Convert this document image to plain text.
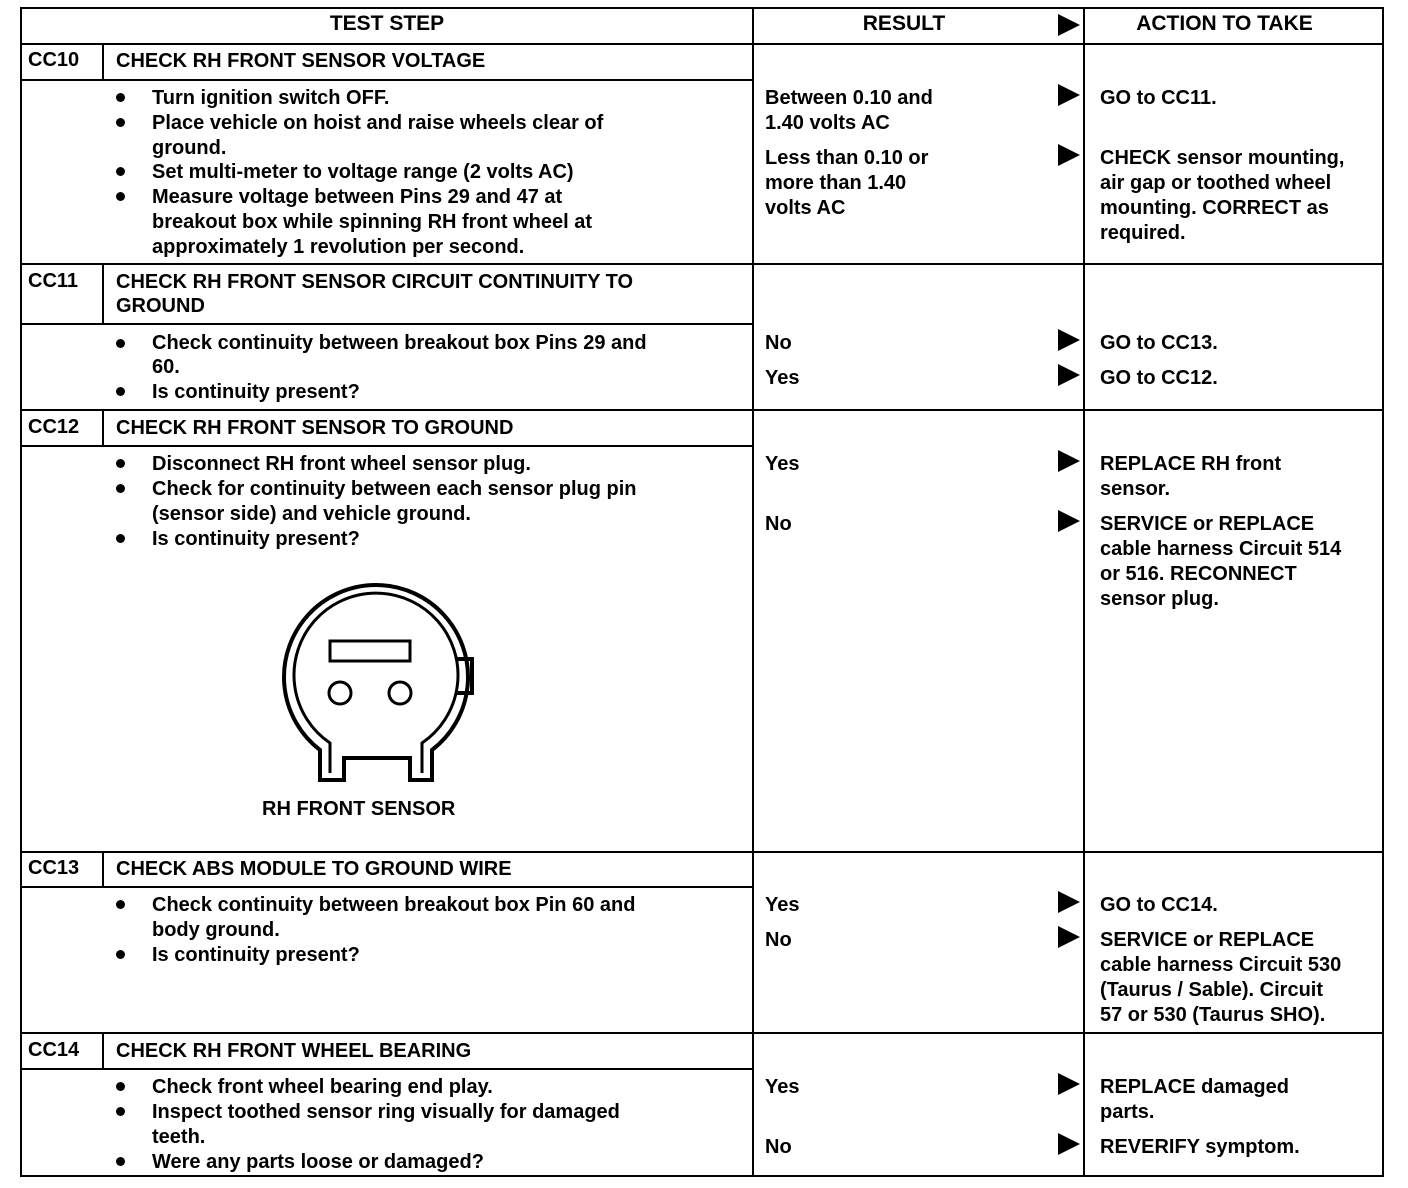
TEST STEP	RESULT	ACTION TO TAKE
CC10 CHECK RH FRONT SENSOR VOLTAGE
Turn ignition switch OFF.
Place vehicle on hoist and raise wheels clear of
ground.
Set multi-meter to voltage range (2 volts AC)
Measure voltage between Pins 29 and 47 at
breakout box while spinning RH front wheel at
approximately 1 revolution per second.
Between 0.10 and
1.40 volts AC
Less than 0.10 or
more than 1.40
volts AC
GO to CC11.
CHECK sensor mounting,
air gap or toothed wheel
mounting. CORRECT as
required.
CC11 CHECK RH FRONT SENSOR CIRCUIT CONTINUITY TO
GROUND
Check continuity between breakout box Pins 29 and
60.
Is continuity present?
No
Yes
GO to CC13.
GO to CC12.
CC12 CHECK RH FRONT SENSOR TO GROUND
Disconnect RH front wheel sensor plug.
Check for continuity between each sensor plug pin
(sensor side) and vehicle ground.
Is continuity present?
RH FRONT SENSOR
Yes
No
REPLACE RH front
sensor.
SERVICE or REPLACE
cable harness Circuit 514
or 516. RECONNECT
sensor plug.
CC13 CHECK ABS MODULE TO GROUND WIRE
Check continuity between breakout box Pin 60 and
body ground.
Is continuity present?
Yes
No
GO to CC14.
SERVICE or REPLACE
cable harness Circuit 530
(Taurus / Sable). Circuit
57 or 530 (Taurus SHO).
CC14 CHECK RH FRONT WHEEL BEARING
Check front wheel bearing end play.
Inspect toothed sensor ring visually for damaged
teeth.
Were any parts loose or damaged?
Yes
No
REPLACE damaged
parts.
REVERIFY symptom.
